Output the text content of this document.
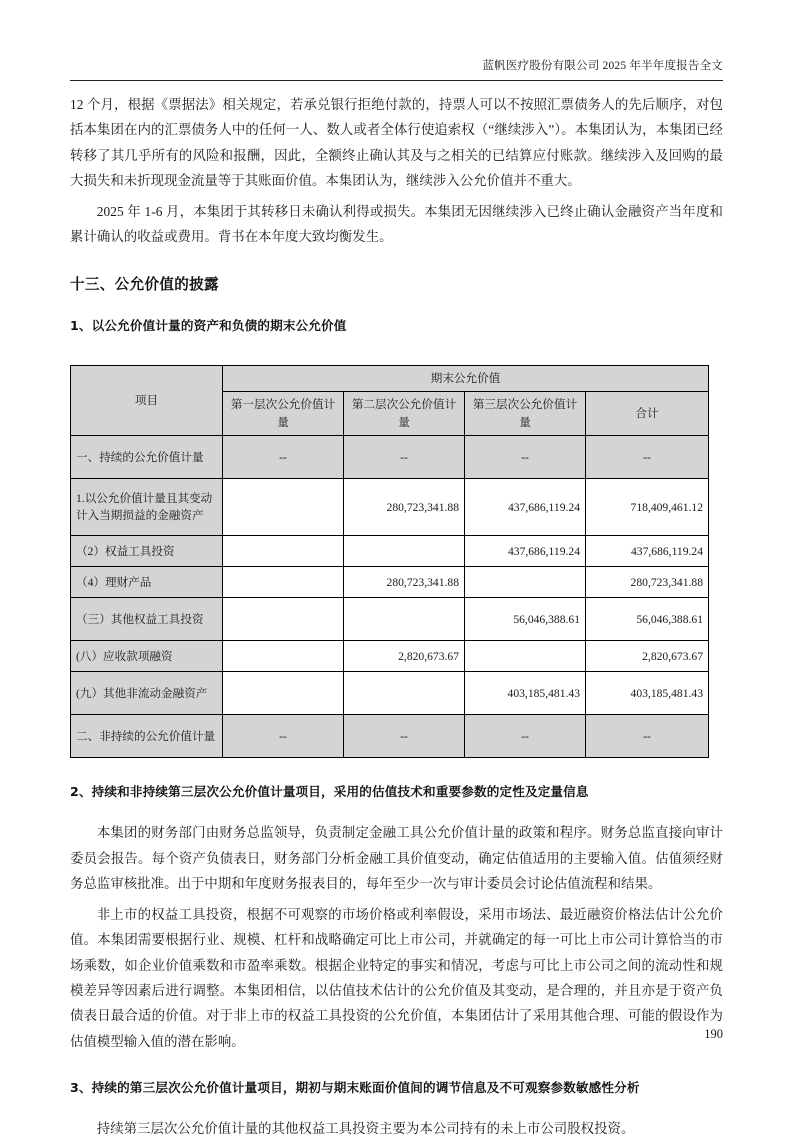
蓝帆医疗股份有限公司 2025 年半年度报告全文

12 个月，根据《票据法》相关规定，若承兑银行拒绝付款的，持票人可以不按照汇票债务人的先后顺序，对包括本集团在内的汇票债务人中的任何一人、数人或者全体行使追索权（“继续涉入”）。本集团认为，本集团已经转移了其几乎所有的风险和报酬，因此，全额终止确认其及与之相关的已结算应付账款。继续涉入及回购的最大损失和未折现现金流量等于其账面价值。本集团认为，继续涉入公允价值并不重大。

2025 年 1-6 月，本集团于其转移日未确认利得或损失。本集团无因继续涉入已终止确认金融资产当年度和累计确认的收益或费用。背书在本年度大致均衡发生。

十三、公允价值的披露
1、以公允价值计量的资产和负债的期末公允价值

项目	期末公允价值			
	第一层次公允价值计量	第二层次公允价值计量	第三层次公允价值计量	合计
一、持续的公允价值计量	--	--	--	--
1.以公允价值计量且其变动计入当期损益的金融资产		280,723,341.88	437,686,119.24	718,409,461.12
（2）权益工具投资			437,686,119.24	437,686,119.24
（4）理财产品		280,723,341.88		280,723,341.88
（三）其他权益工具投资			56,046,388.61	56,046,388.61
(八）应收款项融资		2,820,673.67		2,820,673.67
(九）其他非流动金融资产			403,185,481.43	403,185,481.43
二、非持续的公允价值计量	--	--	--	--
2、持续和非持续第三层次公允价值计量项目，采用的估值技术和重要参数的定性及定量信息

本集团的财务部门由财务总监领导，负责制定金融工具公允价值计量的政策和程序。财务总监直接向审计委员会报告。每个资产负债表日，财务部门分析金融工具价值变动，确定估值适用的主要输入值。估值须经财务总监审核批准。出于中期和年度财务报表目的，每年至少一次与审计委员会讨论估值流程和结果。

非上市的权益工具投资，根据不可观察的市场价格或利率假设，采用市场法、最近融资价格法估计公允价值。本集团需要根据行业、规模、杠杆和战略确定可比上市公司，并就确定的每一可比上市公司计算恰当的市场乘数，如企业价值乘数和市盈率乘数。根据企业特定的事实和情况，考虑与可比上市公司之间的流动性和规模差异等因素后进行调整。本集团相信，以估值技术估计的公允价值及其变动，是合理的，并且亦是于资产负债表日最合适的价值。对于非上市的权益工具投资的公允价值，本集团估计了采用其他合理、可能的假设作为估值模型输入值的潜在影响。

3、持续的第三层次公允价值计量项目，期初与期末账面价值间的调节信息及不可观察参数敏感性分析

持续第三层次公允价值计量的其他权益工具投资主要为本公司持有的未上市公司股权投资。

190
